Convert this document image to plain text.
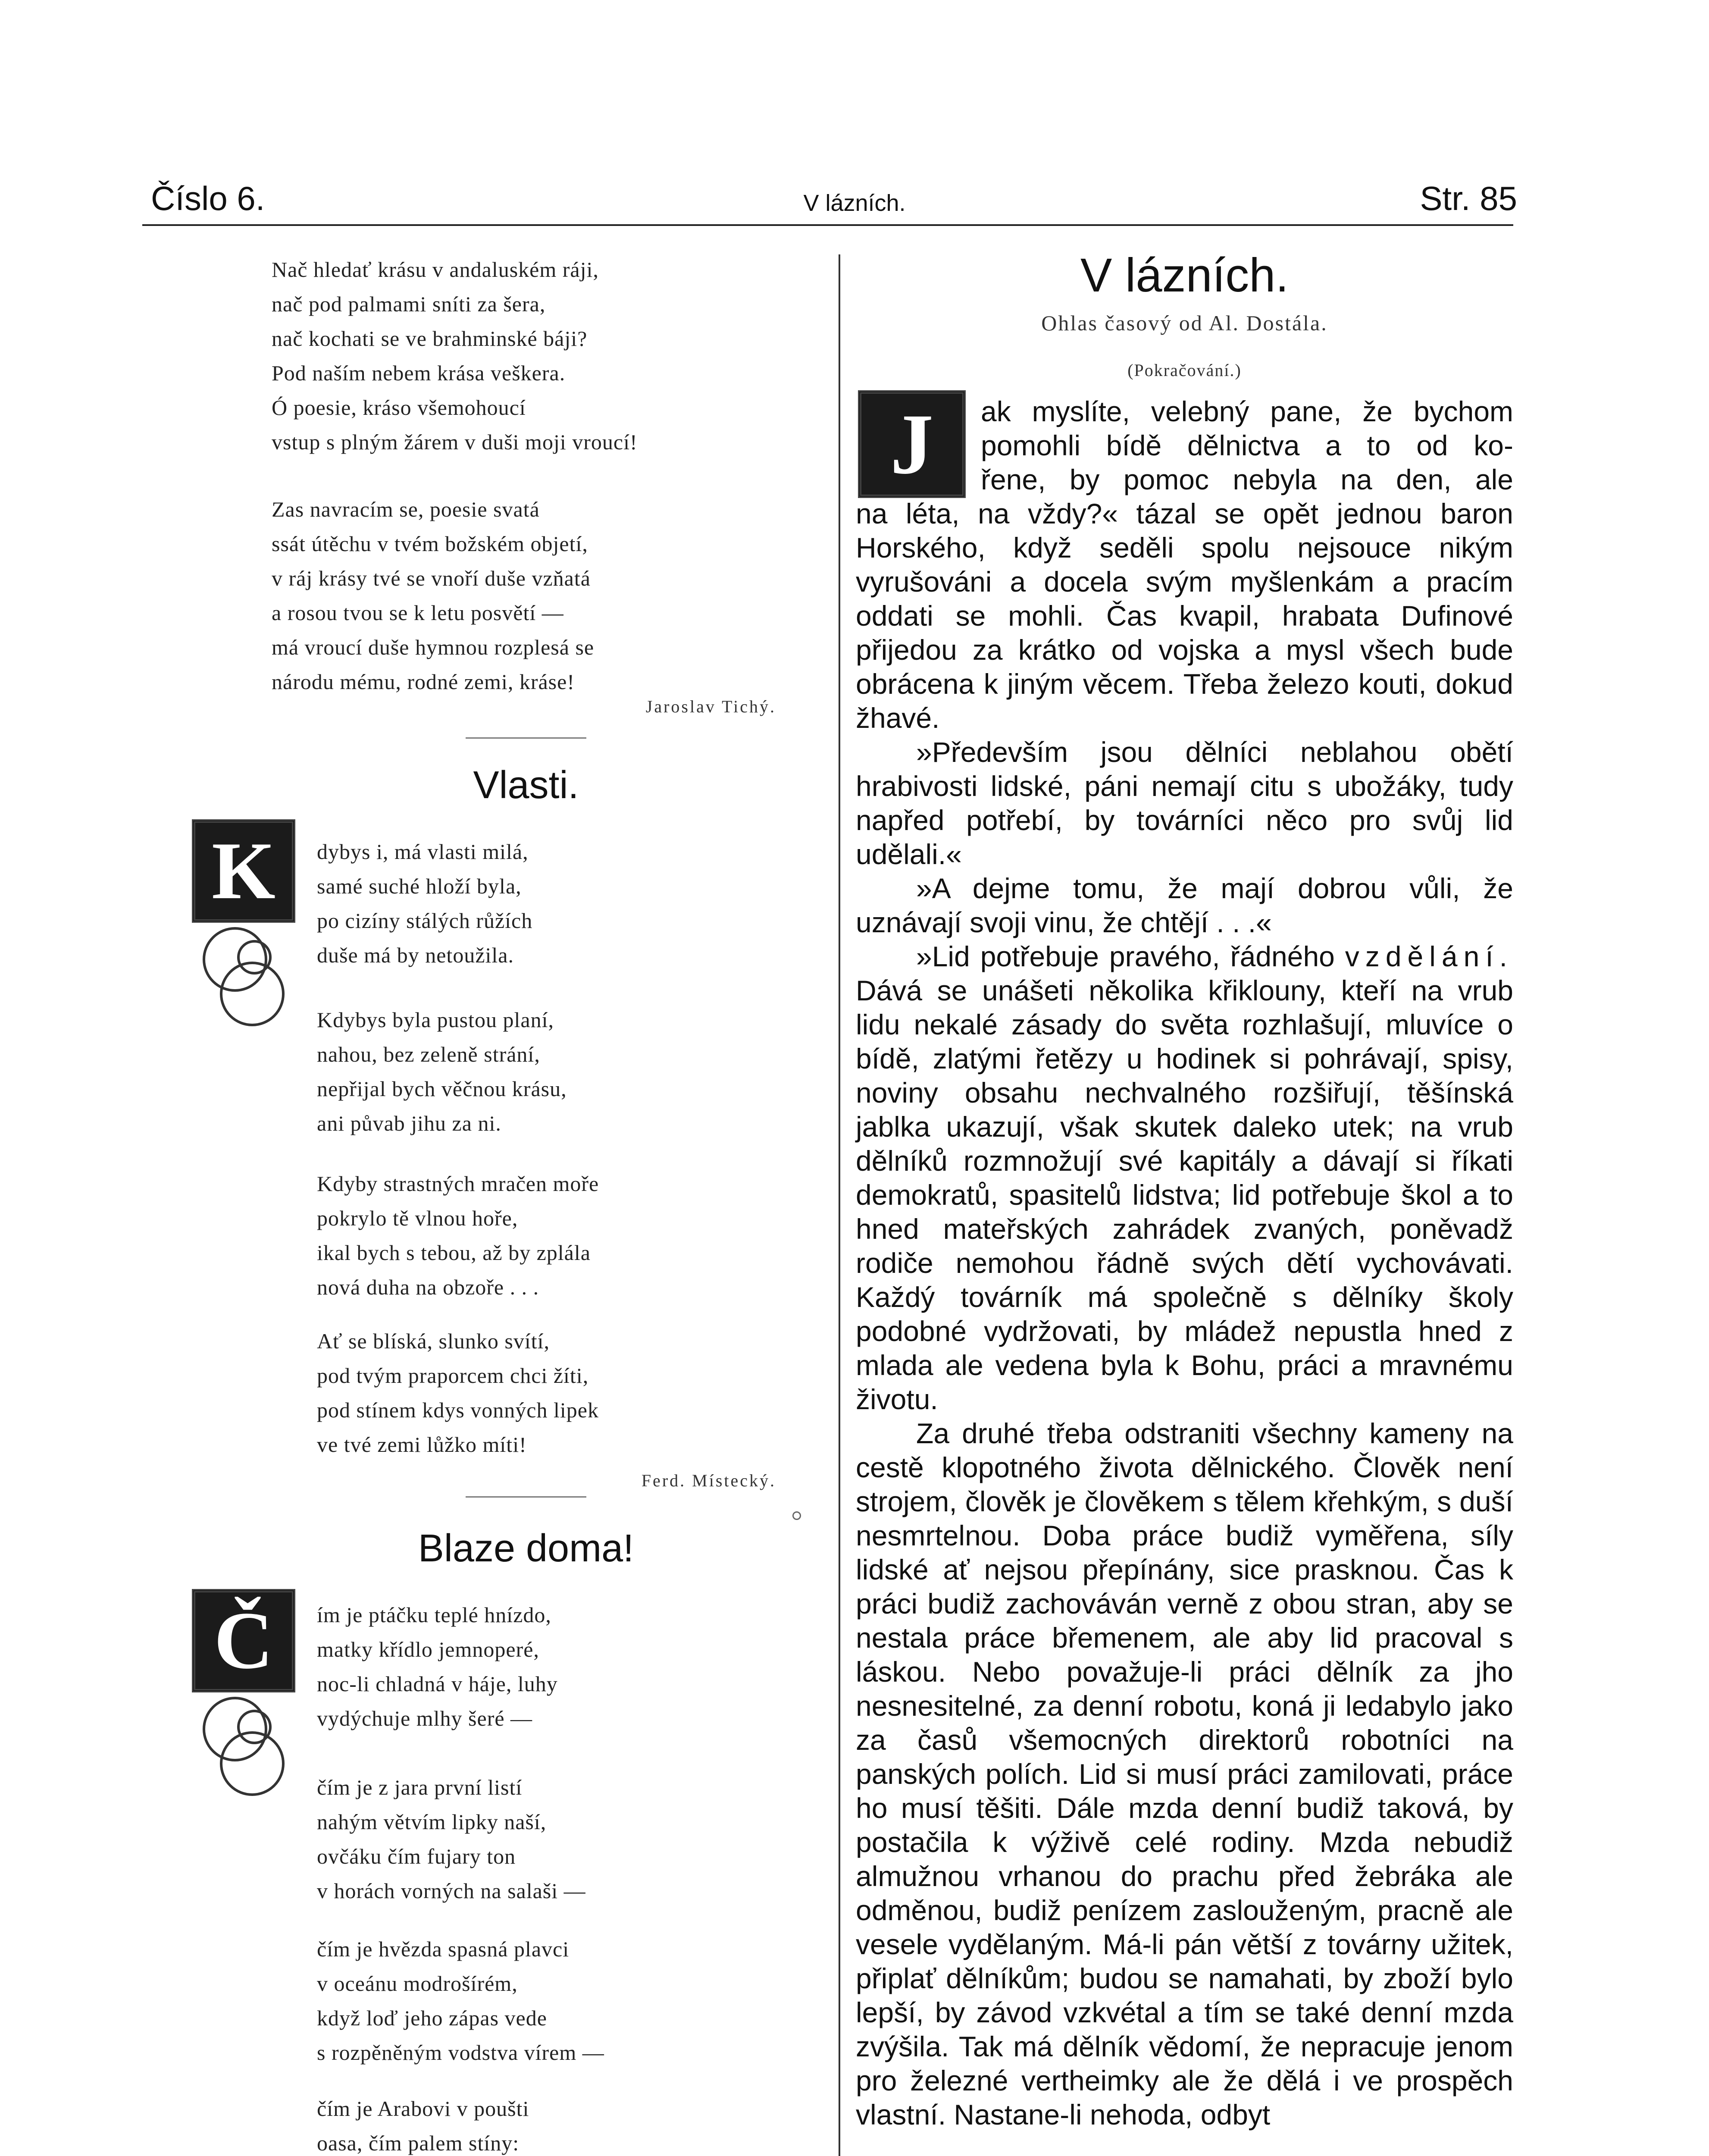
Číslo 6.	V lázních.	Str. 85
Nač hledať krásu v andaluském ráji,
nač pod palmami sníti za šera,
nač kochati se ve brahminské báji?
Pod naším nebem krása veškera.
Ó poesie, kráso všemohoucí
vstup s plným žárem v duši moji vroucí!
Zas navracím se, poesie svatá
ssát útěchu v tvém božském objetí,
v ráj krásy tvé se vnoří duše vzňatá
a rosou tvou se k letu posvětí —
má vroucí duše hymnou rozplesá se
národu mému, rodné zemi, kráse!
Jaroslav Tichý.
Vlasti.
K dybys i, má vlasti milá,
samé suché hloží byla,
po cizíny stálých růžích
duše má by netoužila.
Kdybys byla pustou planí,
nahou, bez zeleně strání,
nepřijal bych věčnou krásu,
ani půvab jihu za ni.
Kdyby strastných mračen moře
pokrylo tě vlnou hoře,
ikal bych s tebou, až by zplála
nová duha na obzoře . . .
Ať se blíská, slunko svítí,
pod tvým praporcem chci žíti,
pod stínem kdys vonných lipek
ve tvé zemi lůžko míti!
Ferd. Místecký.
Blaze doma!
Č ím je ptáčku teplé hnízdo,
matky křídlo jemnoperé,
noc-li chladná v háje, luhy
vydýchuje mlhy šeré —
čím je z jara první listí
nahým větvím lipky naší,
ovčáku čím fujary ton
v horách vorných na salaši —
čím je hvězda spasná plavci
v oceánu modrošírém,
když loď jeho zápas vede
s rozpěněným vodstva vírem —
čím je Arabovi v poušti
oasa, čím palem stíny:
V lázních.
Ohlas časový od Al. Dostála.
(Pokračování.)
J ak myslíte, velebný pane, že bychom

pomohli bídě dělnictva a to od ko-

řene, by pomoc nebyla na den, ale

na léta, na vždy?« tázal se opět jednou baron Horského, když seděli spolu nejsouce nikým vyrušováni a docela svým myšlenkám a pracím oddati se mohli. Čas kvapil, hrabata Dufinové přijedou za krátko od vojska a mysl všech bude obrácena k jiným věcem. Třeba železo kouti, dokud žhavé.

»Především jsou dělníci neblahou obětí hrabivosti lidské, páni nemají citu s ubožáky, tudy napřed potřebí, by továrníci něco pro svůj lid udělali.«

»A dejme tomu, že mají dobrou vůli, že uznávají svoji vinu, že chtějí . . .«

»Lid potřebuje pravého, řádného vzdělání. Dává se unášeti několika křiklouny, kteří na vrub lidu nekalé zásady do světa rozhlašují, mluvíce o bídě, zlatými řetězy u hodinek si pohrávají, spisy, noviny obsahu nechvalného rozšiřují, těšínská jablka ukazují, však skutek daleko utek; na vrub dělníků rozmnožují své kapitály a dávají si říkati demokratů, spasitelů lidstva; lid potřebuje škol a to hned mateřských zahrádek zvaných, poněvadž rodiče nemohou řádně svých dětí vychovávati. Každý továrník má společně s dělníky školy podobné vydržovati, by mládež nepustla hned z mlada ale vedena byla k Bohu, práci a mravnému životu.

Za druhé třeba odstraniti všechny kameny na cestě klopotného života dělnického. Člověk není strojem, člověk je člověkem s tělem křehkým, s duší nesmrtelnou. Doba práce budiž vyměřena, síly lidské ať nejsou přepínány, sice prasknou. Čas k práci budiž zachováván verně z obou stran, aby se nestala práce břemenem, ale aby lid pracoval s láskou. Nebo považuje-li práci dělník za jho nesnesitelné, za denní robotu, koná ji ledabylo jako za časů všemocných direktorů robotníci na panských polích. Lid si musí práci zamilovati, práce ho musí těšiti. Dále mzda denní budiž taková, by postačila k výživě celé rodiny. Mzda nebudiž almužnou vrhanou do prachu před žebráka ale odměnou, budiž penízem zaslouženým, pracně ale vesele vydělaným. Má-li pán větší z továrny užitek, připlať dělníkům; budou se namahati, by zboží bylo lepší, by závod vzkvétal a tím se také denní mzda zvýšila. Tak má dělník vědomí, že nepracuje jenom pro železné vertheimky ale že dělá i ve prospěch vlastní. Nastane-li nehoda, odbyt
